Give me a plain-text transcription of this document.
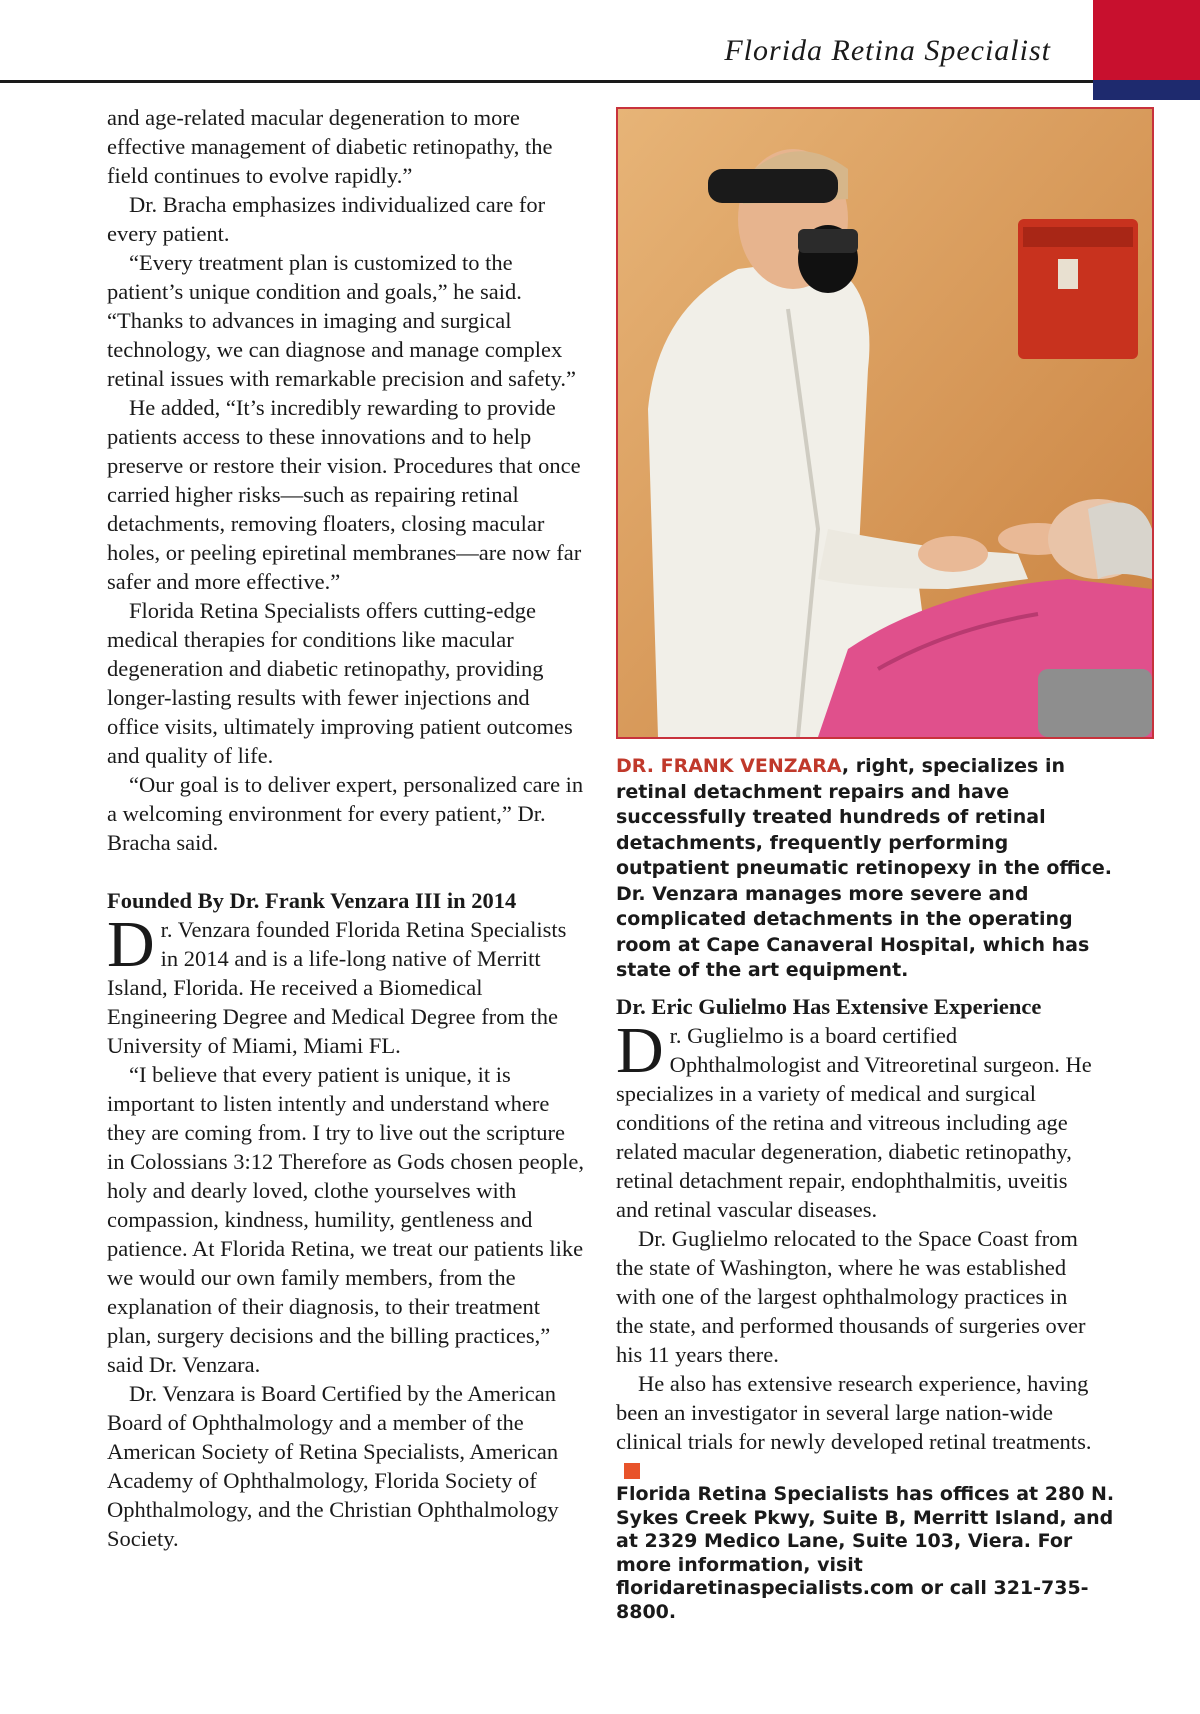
Florida Retina Specialist

and age-related macular degeneration to more effective management of diabetic retinopathy, the field continues to evolve rapidly.”

Dr. Bracha emphasizes individualized care for every patient.

“Every treatment plan is customized to the patient’s unique condition and goals,” he said. “Thanks to advances in imaging and surgical technology, we can diagnose and manage complex retinal issues with remarkable precision and safety.”

He added, “It’s incredibly rewarding to provide patients access to these innovations and to help preserve or restore their vision. Procedures that once carried higher risks—such as repairing retinal detachments, removing floaters, closing macular holes, or peeling epiretinal membranes—are now far safer and more effective.”

Florida Retina Specialists offers cutting-edge medical therapies for conditions like macular degeneration and diabetic retinopathy, providing longer-lasting results with fewer injections and office visits, ultimately improving patient outcomes and quality of life.

“Our goal is to deliver expert, personalized care in a welcoming environment for every patient,” Dr. Bracha said.

Founded By Dr. Frank Venzara III in 2014

Dr. Venzara founded Florida Retina Specialists in 2014 and is a life-long native of Merritt Island, Florida. He received a Biomedical Engineering Degree and Medical Degree from the University of Miami, Miami FL.

“I believe that every patient is unique, it is important to listen intently and understand where they are coming from. I try to live out the scripture in Colossians 3:12 Therefore as Gods chosen people, holy and dearly loved, clothe yourselves with compassion, kindness, humility, gentleness and patience. At Florida Retina, we treat our patients like we would our own family members, from the explanation of their diagnosis, to their treatment plan, surgery decisions and the billing practices,” said Dr. Venzara.

Dr. Venzara is Board Certified by the American Board of Ophthalmology and a member of the American Society of Retina Specialists, American Academy of Ophthalmology, Florida Society of Ophthalmology, and the Christian Ophthalmology Society.

DR. FRANK VENZARA, right, specializes in retinal detachment repairs and have successfully treated hundreds of retinal detachments, frequently performing outpatient pneumatic retinopexy in the office. Dr. Venzara manages more severe and complicated detachments in the operating room at Cape Canaveral Hospital, which has state of the art equipment.
Dr. Eric Gulielmo Has Extensive Experience

Dr. Guglielmo is a board certified Ophthalmologist and Vitreoretinal surgeon. He specializes in a variety of medical and surgical conditions of the retina and vitreous including age related macular degeneration, diabetic retinopathy, retinal detachment repair, endophthalmitis, uveitis and retinal vascular diseases.

Dr. Guglielmo relocated to the Space Coast from the state of Washington, where he was established with one of the largest ophthalmology practices in the state, and performed thousands of surgeries over his 11 years there.

He also has extensive research experience, having been an investigator in several large nation-wide clinical trials for newly developed retinal treatments.

Florida Retina Specialists has offices at 280 N. Sykes Creek Pkwy, Suite B, Merritt Island, and at 2329 Medico Lane, Suite 103, Viera. For more information, visit floridaretinaspecialists.com or call 321-735-8800.
